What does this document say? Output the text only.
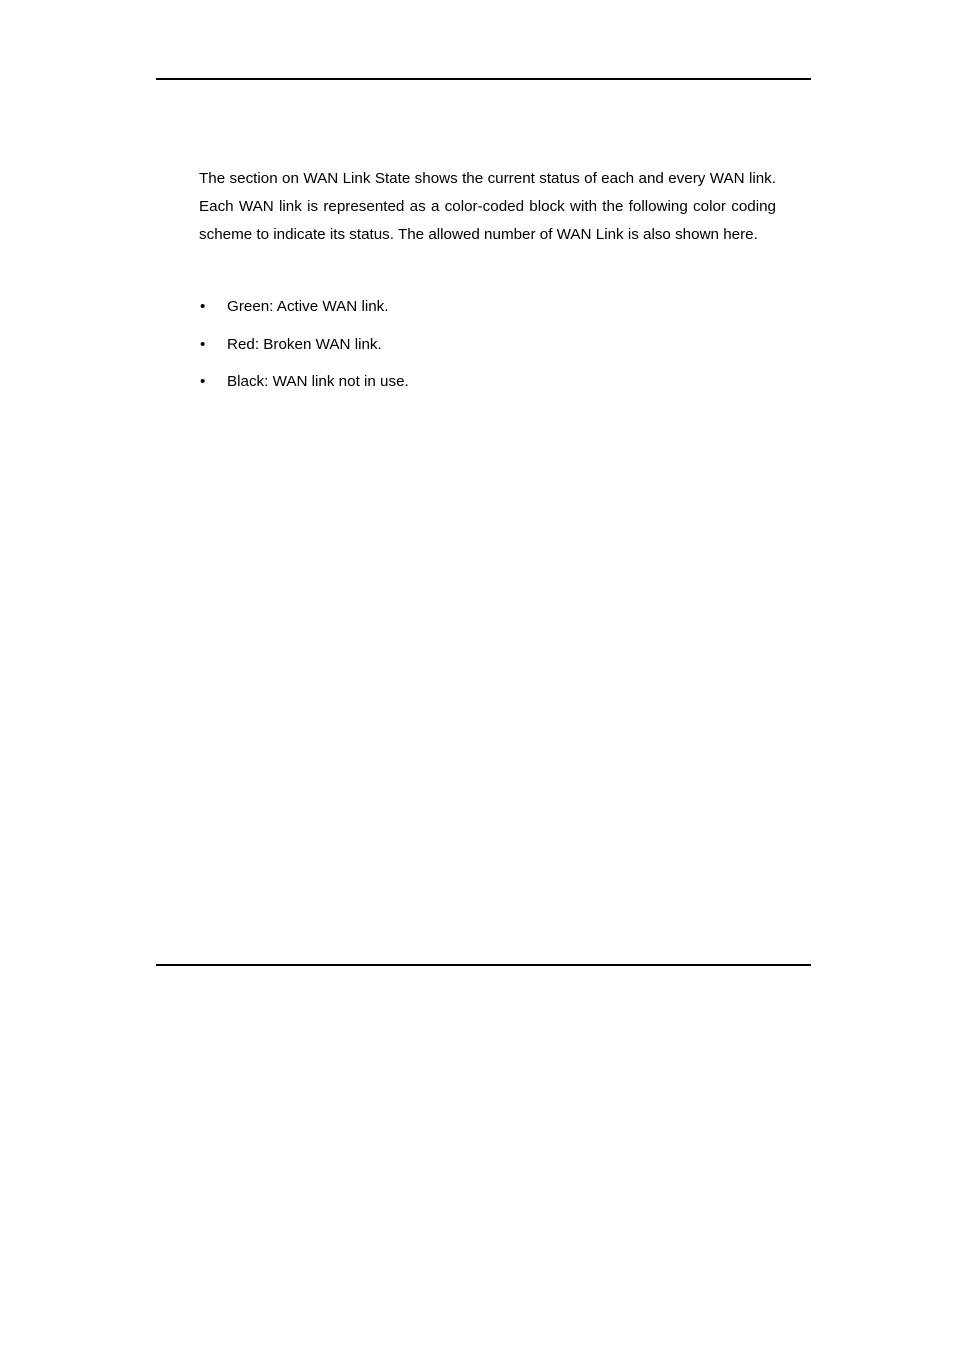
The section on WAN Link State shows the current status of each and every WAN link. Each WAN link is represented as a color-coded block with the following color coding scheme to indicate its status. The allowed number of WAN Link is also shown here.

• Green: Active WAN link.
• Red: Broken WAN link.
• Black: WAN link not in use.
